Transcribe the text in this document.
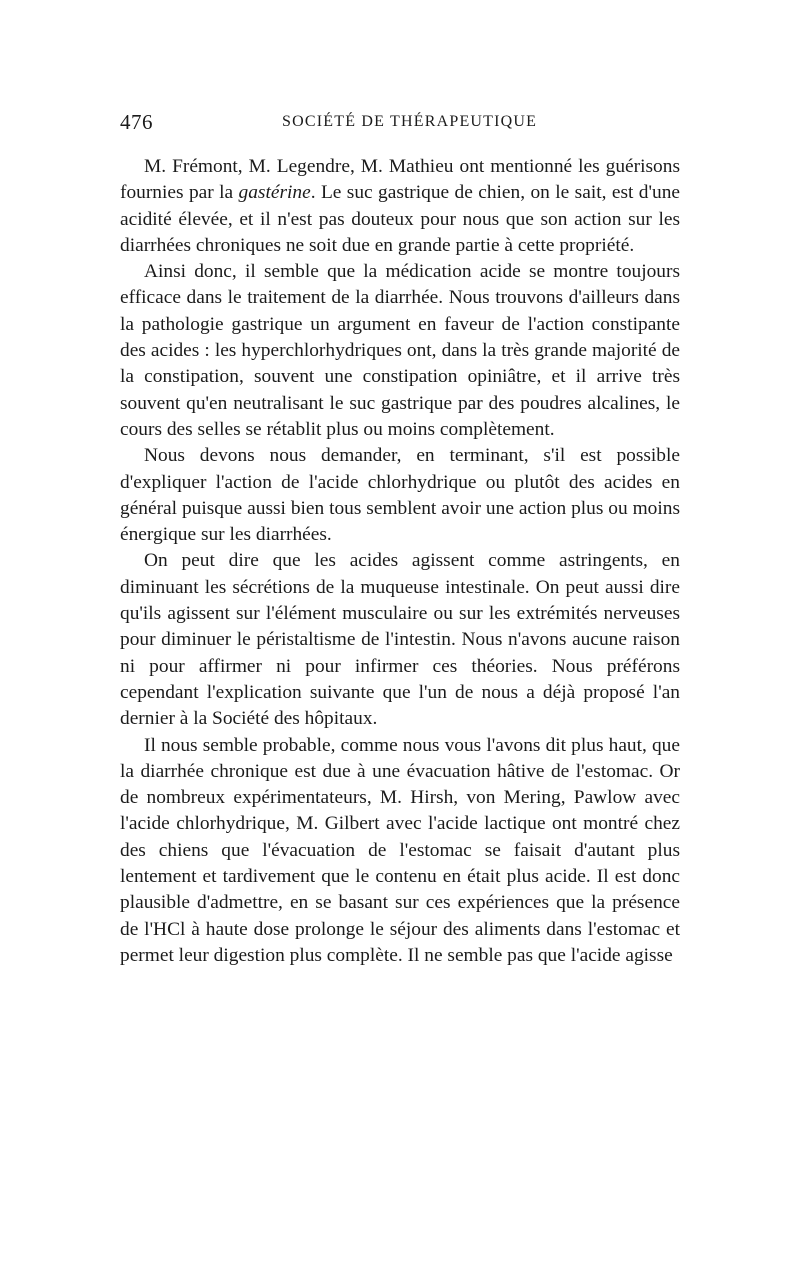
476	SOCIÉTÉ DE THÉRAPEUTIQUE

M. Frémont, M. Legendre, M. Mathieu ont mentionné les guérisons fournies par la gastérine. Le suc gastrique de chien, on le sait, est d'une acidité élevée, et il n'est pas douteux pour nous que son action sur les diarrhées chroniques ne soit due en grande partie à cette propriété.

Ainsi donc, il semble que la médication acide se montre toujours efficace dans le traitement de la diarrhée. Nous trouvons d'ailleurs dans la pathologie gastrique un argument en faveur de l'action constipante des acides : les hyperchlorhydriques ont, dans la très grande majorité de la constipation, souvent une constipation opiniâtre, et il arrive très souvent qu'en neutralisant le suc gastrique par des poudres alcalines, le cours des selles se rétablit plus ou moins complètement.

Nous devons nous demander, en terminant, s'il est possible d'expliquer l'action de l'acide chlorhydrique ou plutôt des acides en général puisque aussi bien tous semblent avoir une action plus ou moins énergique sur les diarrhées.

On peut dire que les acides agissent comme astringents, en diminuant les sécrétions de la muqueuse intestinale. On peut aussi dire qu'ils agissent sur l'élément musculaire ou sur les extrémités nerveuses pour diminuer le péristaltisme de l'intestin. Nous n'avons aucune raison ni pour affirmer ni pour infirmer ces théories. Nous préférons cependant l'explication suivante que l'un de nous a déjà proposé l'an dernier à la Société des hôpitaux.

Il nous semble probable, comme nous vous l'avons dit plus haut, que la diarrhée chronique est due à une évacuation hâtive de l'estomac. Or de nombreux expérimentateurs, M. Hirsh, von Mering, Pawlow avec l'acide chlorhydrique, M. Gilbert avec l'acide lactique ont montré chez des chiens que l'évacuation de l'estomac se faisait d'autant plus lentement et tardivement que le contenu en était plus acide. Il est donc plausible d'admettre, en se basant sur ces expériences que la présence de l'HCl à haute dose prolonge le séjour des aliments dans l'estomac et permet leur digestion plus complète. Il ne semble pas que l'acide agisse
